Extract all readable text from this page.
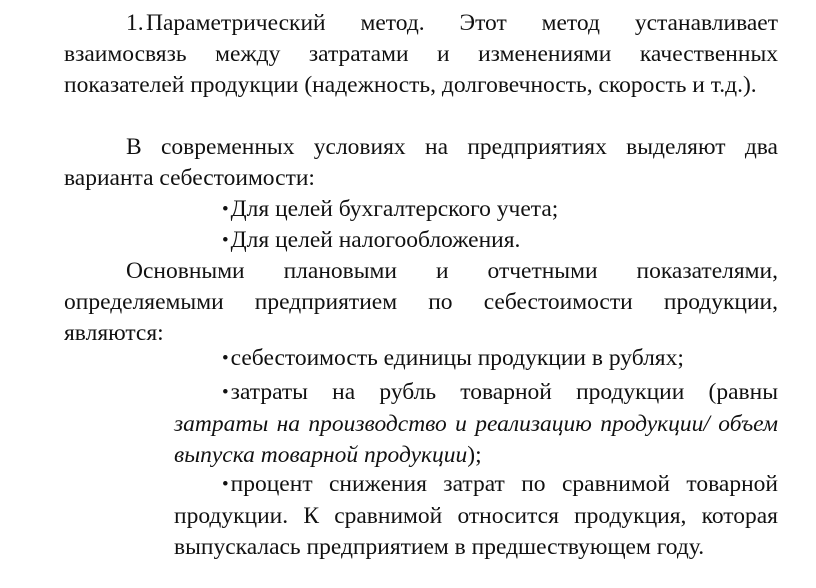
1. Параметрический метод. Этот метод устанавливает взаимосвязь между затратами и изменениями качественных показателей продукции (надежность, долговечность, скорость и т.д.).

В современных условиях на предприятиях выделяют два варианта себестоимости:

•Для целей бухгалтерского учета;
•Для целей налогообложения.

Основными плановыми и отчетными показателями, определяемыми предприятием по себестоимости продукции, являются:

•себестоимость единицы продукции в рублях;

•затраты на рубль товарной продукции (равны затраты на производство и реализацию продукции/ объем выпуска товарной продукции);

•процент снижения затрат по сравнимой товарной продукции. К сравнимой относится продукция, которая выпускалась предприятием в предшествующем году.
